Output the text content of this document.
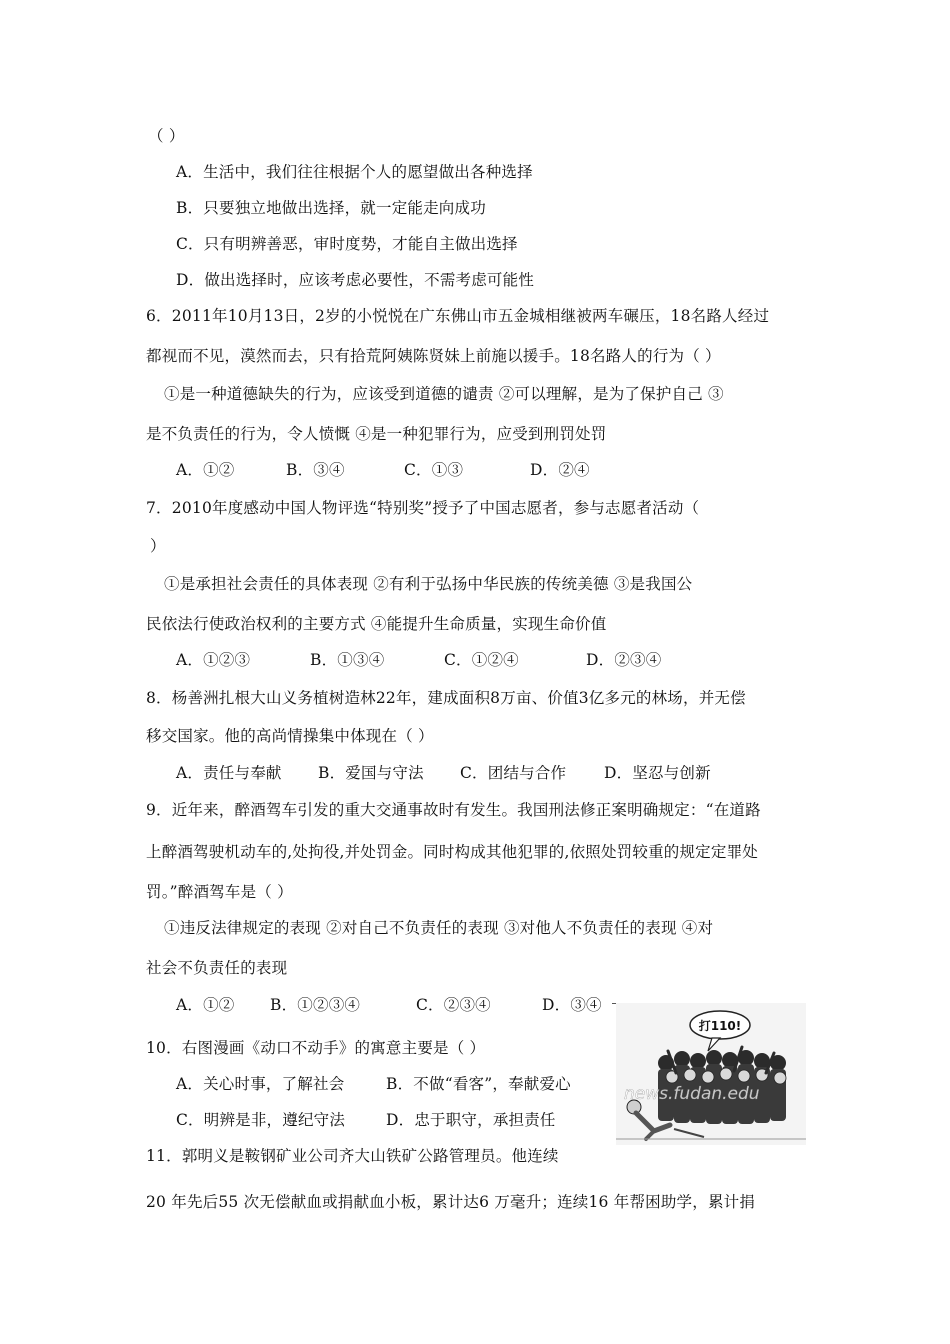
（ ）
A．生活中，我们往往根据个人的愿望做出各种选择
B．只要独立地做出选择，就一定能走向成功
C．只有明辨善恶，审时度势，才能自主做出选择
D．做出选择时，应该考虑必要性，不需考虑可能性
6．2011年10月13日，2岁的小悦悦在广东佛山市五金城相继被两车碾压，18名路人经过
都视而不见，漠然而去，只有拾荒阿姨陈贤妹上前施以援手。18名路人的行为（ ）
①是一种道德缺失的行为，应该受到道德的谴责 ②可以理解，是为了保护自己 ③
是不负责任的行为，令人愤慨 ④是一种犯罪行为，应受到刑罚处罚
A．①②	B．③④	C．①③	D．②④
7．2010年度感动中国人物评选“特别奖”授予了中国志愿者，参与志愿者活动（
）
①是承担社会责任的具体表现 ②有利于弘扬中华民族的传统美德 ③是我国公
民依法行使政治权利的主要方式 ④能提升生命质量，实现生命价值
A．①②③	B．①③④	C．①②④	D．②③④
8．杨善洲扎根大山义务植树造林22年，建成面积8万亩、价值3亿多元的林场，并无偿
移交国家。他的高尚情操集中体现在（ ）
A．责任与奉献 B．爱国与守法 C．团结与合作 D．坚忍与创新
9．近年来，醉酒驾车引发的重大交通事故时有发生。我国刑法修正案明确规定：“在道路
上醉酒驾驶机动车的,处拘役,并处罚金。同时构成其他犯罪的,依照处罚较重的规定定罪处
罚。”醉酒驾车是（ ）
①违反法律规定的表现 ②对自己不负责任的表现 ③对他人不负责任的表现 ④对
社会不负责任的表现
A．①② B．①②③④	C．②③④	D．③④
10．右图漫画《动口不动手》的寓意主要是（ ）
A．关心时事，了解社会	B．不做“看客”，奉献爱心
C．明辨是非，遵纪守法	D．忠于职守，承担责任
11．郭明义是鞍钢矿业公司齐大山铁矿公路管理员。他连续
20 年先后55 次无偿献血或捐献血小板，累计达6 万毫升；连续16 年帮困助学，累计捐
打110!
news.fudan.edu
